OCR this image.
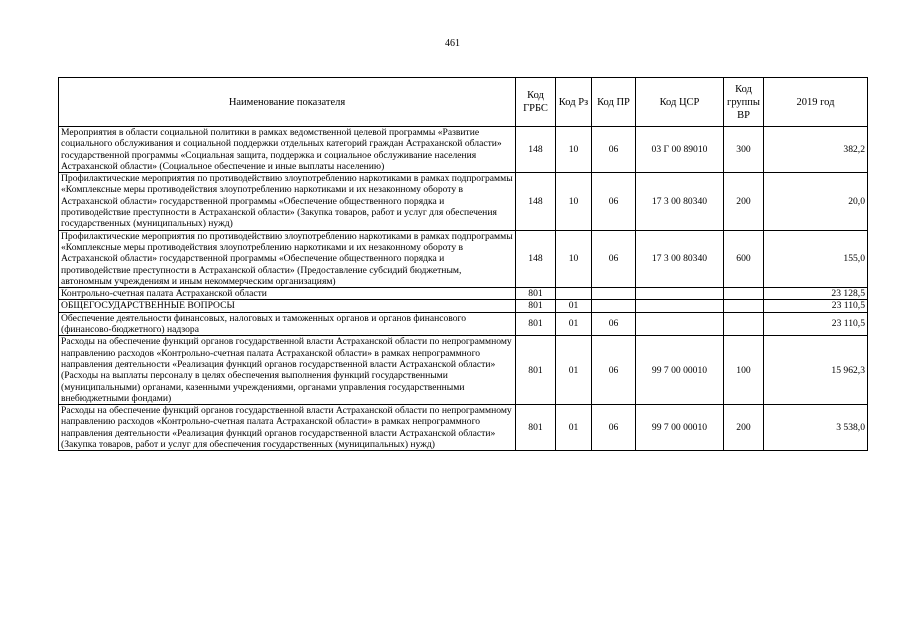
461
Наименование показателя	Код ГРБС	Код Рз	Код ПР	Код ЦСР	Код группы ВР	2019 год
Мероприятия в области социальной политики в рамках ведомственной целевой программы «Развитие социального обслуживания и социальной поддержки отдельных категорий граждан Астраханской области» государственной программы «Социальная защита, поддержка и социальное обслуживание населения Астраханской области» (Социальное обеспечение и иные выплаты населению)	148	10	06	03 Г 00 89010	300	382,2
Профилактические мероприятия по противодействию злоупотреблению наркотиками в рамках подпрограммы «Комплексные меры противодействия злоупотреблению наркотиками и их незаконному обороту в Астраханской области» государственной программы «Обеспечение общественного порядка и противодействие преступности в Астраханской области» (Закупка товаров, работ и услуг для обеспечения государственных (муниципальных) нужд)	148	10	06	17 3 00 80340	200	20,0
Профилактические мероприятия по противодействию злоупотреблению наркотиками в рамках подпрограммы «Комплексные меры противодействия злоупотреблению наркотиками и их незаконному обороту в Астраханской области» государственной программы «Обеспечение общественного порядка и противодействие преступности в Астраханской области» (Предоставление субсидий бюджетным, автономным учреждениям и иным некоммерческим организациям)	148	10	06	17 3 00 80340	600	155,0
Контрольно-счетная палата Астраханской области	801					23 128,5
ОБЩЕГОСУДАРСТВЕННЫЕ ВОПРОСЫ	801	01				23 110,5
Обеспечение деятельности финансовых, налоговых и таможенных органов и органов финансового (финансово-бюджетного) надзора	801	01	06			23 110,5
Расходы на обеспечение функций органов государственной власти Астраханской области по непрограммному направлению расходов «Контрольно-счетная палата Астраханской области» в рамках непрограммного направления деятельности «Реализация функций органов государственной власти Астраханской области» (Расходы на выплаты персоналу в целях обеспечения выполнения функций государственными (муниципальными) органами, казенными учреждениями, органами управления государственными внебюджетными фондами)	801	01	06	99 7 00 00010	100	15 962,3
Расходы на обеспечение функций органов государственной власти Астраханской области по непрограммному направлению расходов «Контрольно-счетная палата Астраханской области» в рамках непрограммного направления деятельности «Реализация функций органов государственной власти Астраханской области» (Закупка товаров, работ и услуг для обеспечения государственных (муниципальных) нужд)	801	01	06	99 7 00 00010	200	3 538,0
